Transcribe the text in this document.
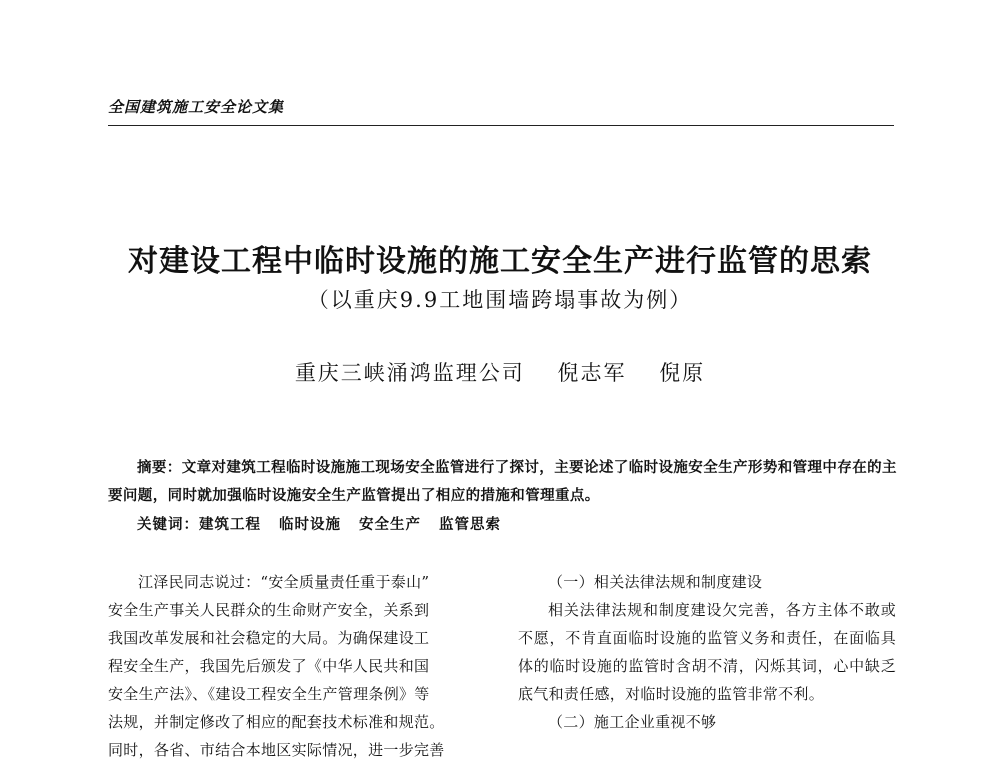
全国建筑施工安全论文集
对建设工程中临时设施的施工安全生产进行监管的思索
（以重庆9.9工地围墙跨塌事故为例）
重庆三峡涌鸿监理公司 倪志军 倪原
摘要：文章对建筑工程临时设施施工现场安全监管进行了探讨，主要论述了临时设施安全生产形势和管理中存在的主要问题，同时就加强临时设施安全生产监管提出了相应的措施和管理重点。
关键词：建筑工程 临时设施 安全生产 监管思索
江泽民同志说过：“安全质量责任重于泰山”
安全生产事关人民群众的生命财产安全，关系到
我国改革发展和社会稳定的大局。为确保建设工
程安全生产，我国先后颁发了《中华人民共和国
安全生产法》、《建设工程安全生产管理条例》等
法规，并制定修改了相应的配套技术标准和规范。
同时，各省、市结合本地区实际情况，进一步完善
（一）相关法律法规和制度建设

相关法律法规和制度建设欠完善，各方主体不敢或不愿，不肯直面临时设施的监管义务和责任，在面临具体的临时设施的监管时含胡不清，闪烁其词，心中缺乏底气和责任感，对临时设施的监管非常不利。

（二）施工企业重视不够
